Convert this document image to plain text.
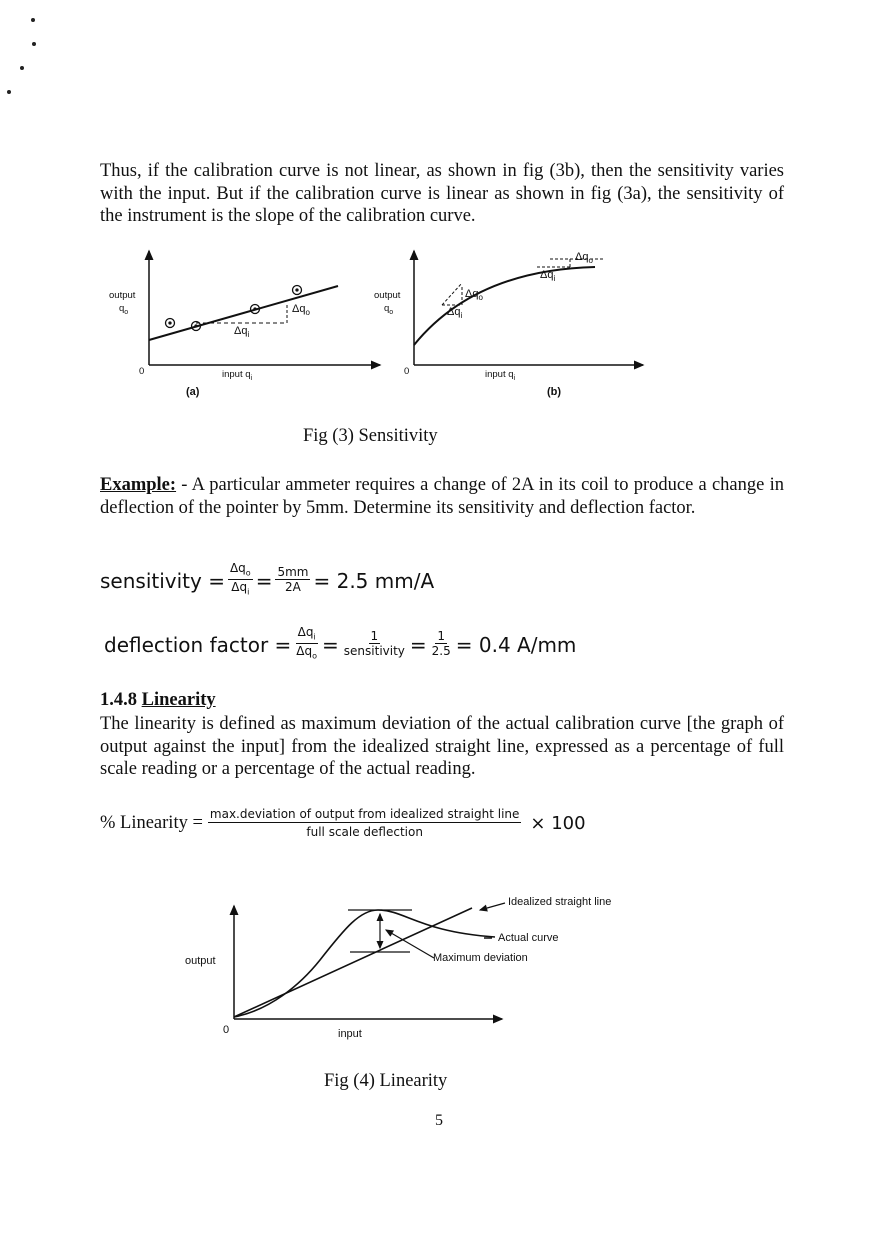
Thus, if the calibration curve is not linear, as shown in fig (3b), then the sensitivity varies with the input. But if the calibration curve is linear as shown in fig (3a), the sensitivity of the instrument is the slope of the calibration curve.

output
$q_o$	$\Delta q_o$
$\Delta q_i$
0	input $q_i$
(a)
output
$q_o$
$\Delta q_o$
$\Delta q_i$
$\Delta q_o$
$\Delta q_i$
0	input $q_i$
(b)
Fig (3) Sensitivity

Example: - A particular ammeter requires a change of 2A in its coil to produce a change in deflection of the pointer by 5mm. Determine its sensitivity and deflection factor.

sensitivity = $\frac{\Delta q_o}{\Delta q_i} = \frac{5mm}{2A} = 2.5$ mm/A
deflection factor = $\frac{\Delta q_i}{\Delta q_o} = \frac{1}{\text{sensitivity}} = \frac{1}{2.5} = 0.4$ A/mm
1.4.8 Linearity

The linearity is defined as maximum deviation of the actual calibration curve [the graph of output against the input] from the idealized straight line, expressed as a percentage of full scale reading or a percentage of the actual reading.

% Linearity = $\frac{\text{max.deviation of output from idealized straight line}}{\text{full scale deflection}} \times 100$
Idealized straight line
Actual curve
Maximum deviation
output
0	input
Fig (4) Linearity
5
